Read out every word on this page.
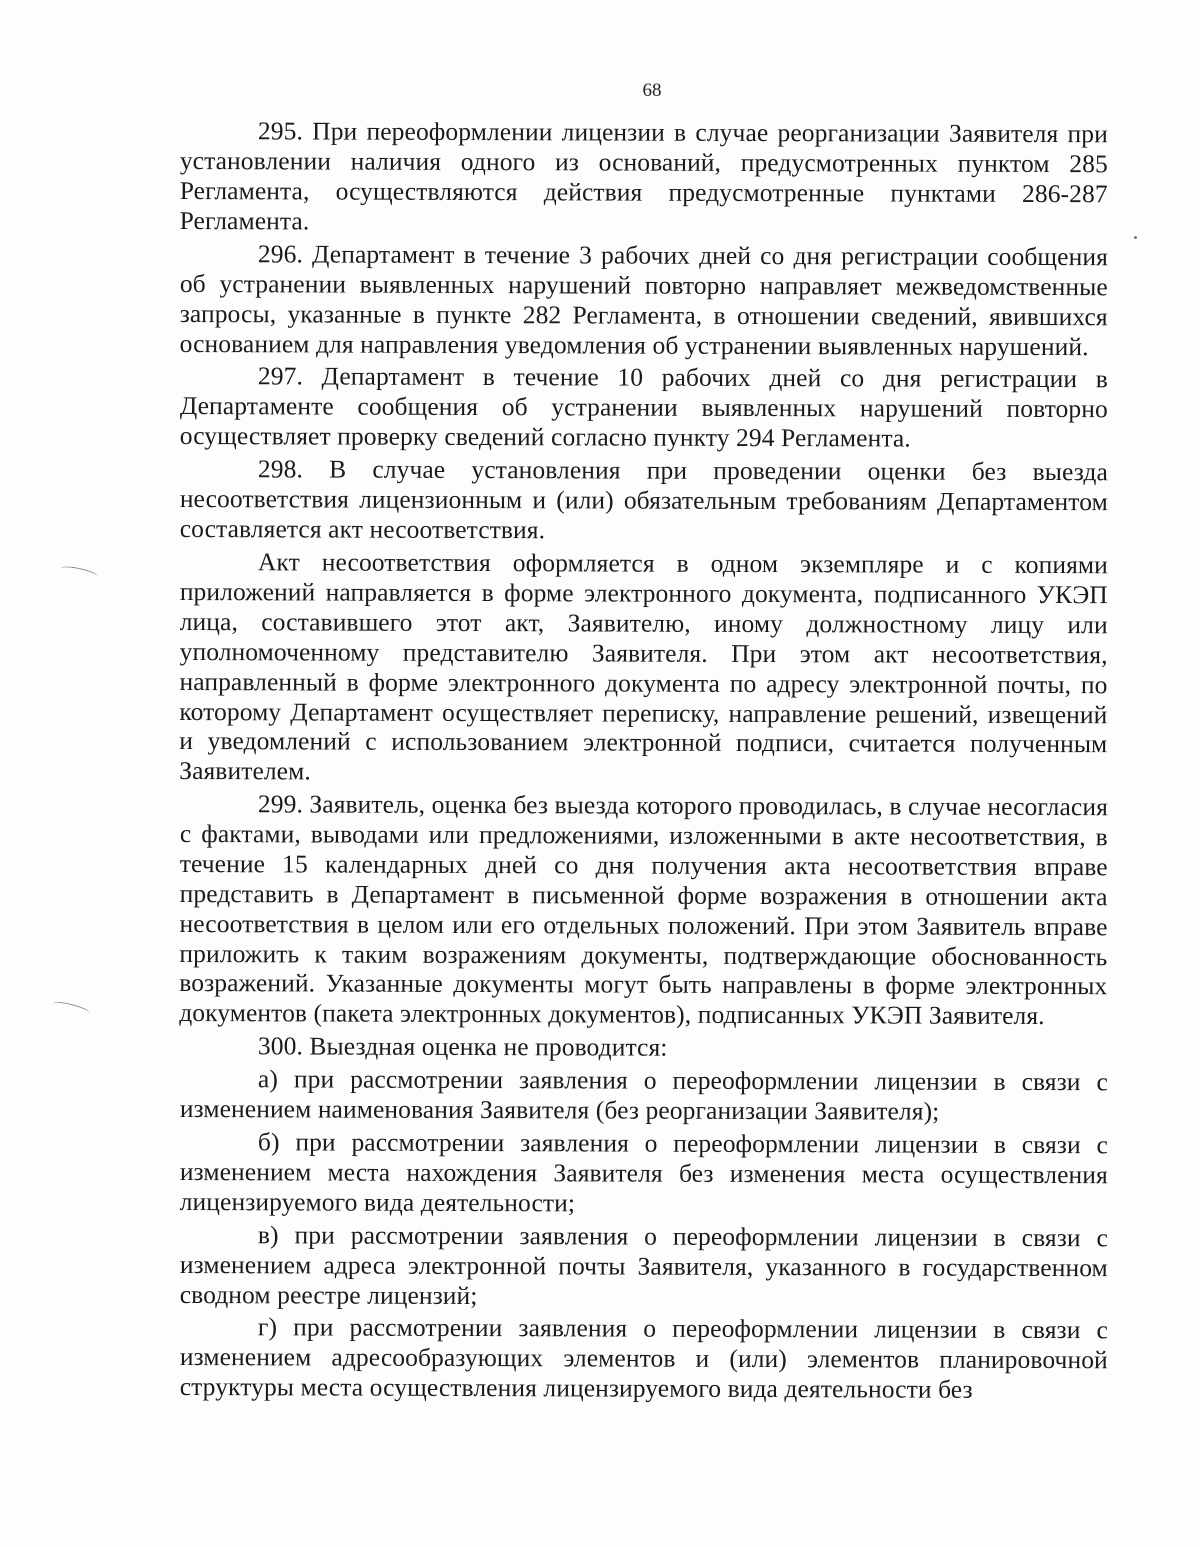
68

295. При переоформлении лицензии в случае реорганизации Заявителя при установлении наличия одного из оснований, предусмотренных пунктом 285 Регламента, осуществляются действия предусмотренные пунктами 286-287 Регламента.

296. Департамент в течение 3 рабочих дней со дня регистрации сообщения об устранении выявленных нарушений повторно направляет межведомственные запросы, указанные в пункте 282 Регламента, в отношении сведений, явившихся основанием для направления уведомления об устранении выявленных нарушений.

297. Департамент в течение 10 рабочих дней со дня регистрации в Департаменте сообщения об устранении выявленных нарушений повторно осуществляет проверку сведений согласно пункту 294 Регламента.

298. В случае установления при проведении оценки без выезда несоответствия лицензионным и (или) обязательным требованиям Департаментом составляется акт несоответствия.

Акт несоответствия оформляется в одном экземпляре и с копиями приложений направляется в форме электронного документа, подписанного УКЭП лица, составившего этот акт, Заявителю, иному должностному лицу или уполномоченному представителю Заявителя. При этом акт несоответствия, направленный в форме электронного документа по адресу электронной почты, по которому Департамент осуществляет переписку, направление решений, извещений и уведомлений с использованием электронной подписи, считается полученным Заявителем.

299. Заявитель, оценка без выезда которого проводилась, в случае несогласия с фактами, выводами или предложениями, изложенными в акте несоответствия, в течение 15 календарных дней со дня получения акта несоответствия вправе представить в Департамент в письменной форме возражения в отношении акта несоответствия в целом или его отдельных положений. При этом Заявитель вправе приложить к таким возражениям документы, подтверждающие обоснованность возражений. Указанные документы могут быть направлены в форме электронных документов (пакета электронных документов), подписанных УКЭП Заявителя.

300. Выездная оценка не проводится:

а) при рассмотрении заявления о переоформлении лицензии в связи с изменением наименования Заявителя (без реорганизации Заявителя);

б) при рассмотрении заявления о переоформлении лицензии в связи с изменением места нахождения Заявителя без изменения места осуществления лицензируемого вида деятельности;

в) при рассмотрении заявления о переоформлении лицензии в связи с изменением адреса электронной почты Заявителя, указанного в государственном сводном реестре лицензий;

г) при рассмотрении заявления о переоформлении лицензии в связи с изменением адресообразующих элементов и (или) элементов планировочной структуры места осуществления лицензируемого вида деятельности без
